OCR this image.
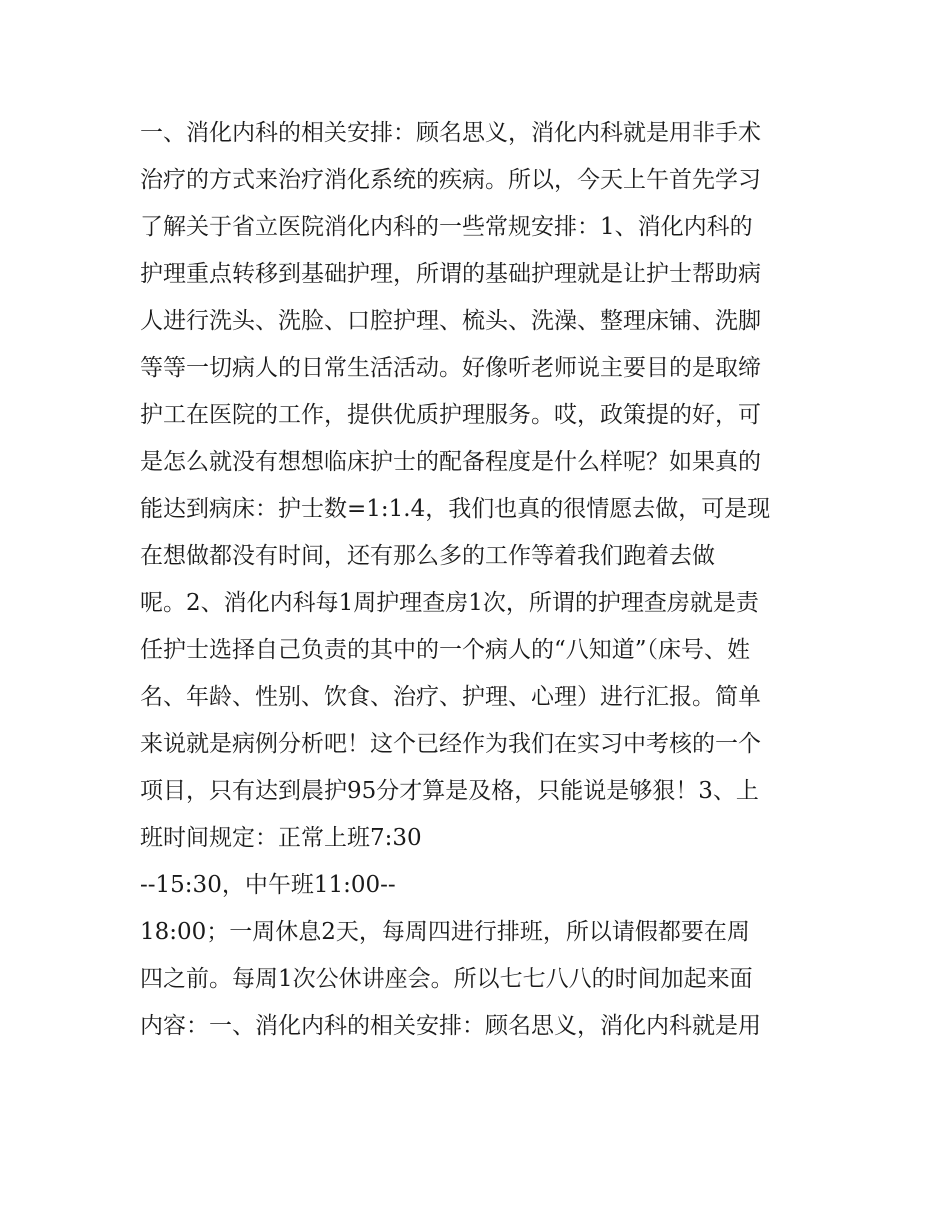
一、消化内科的相关安排：顾名思义，消化内科就是用非手术
治疗的方式来治疗消化系统的疾病。所以，今天上午首先学习
了解关于省立医院消化内科的一些常规安排：1、消化内科的
护理重点转移到基础护理，所谓的基础护理就是让护士帮助病
人进行洗头、洗脸、口腔护理、梳头、洗澡、整理床铺、洗脚
等等一切病人的日常生活活动。好像听老师说主要目的是取缔
护工在医院的工作，提供优质护理服务。哎，政策提的好，可
是怎么就没有想想临床护士的配备程度是什么样呢？如果真的
能达到病床：护士数=1:1.4，我们也真的很情愿去做，可是现
在想做都没有时间，还有那么多的工作等着我们跑着去做
呢。2、消化内科每1周护理查房1次，所谓的护理查房就是责
任护士选择自己负责的其中的一个病人的“八知道”（床号、姓
名、年龄、性别、饮食、治疗、护理、心理）进行汇报。简单
来说就是病例分析吧！这个已经作为我们在实习中考核的一个
项目，只有达到晨护95分才算是及格，只能说是够狠！3、上
班时间规定：正常上班7:30
--15:30，中午班11:00--
18:00；一周休息2天，每周四进行排班，所以请假都要在周
四之前。每周1次公休讲座会。所以七七八八的时间加起来面
内容：一、消化内科的相关安排：顾名思义，消化内科就是用
